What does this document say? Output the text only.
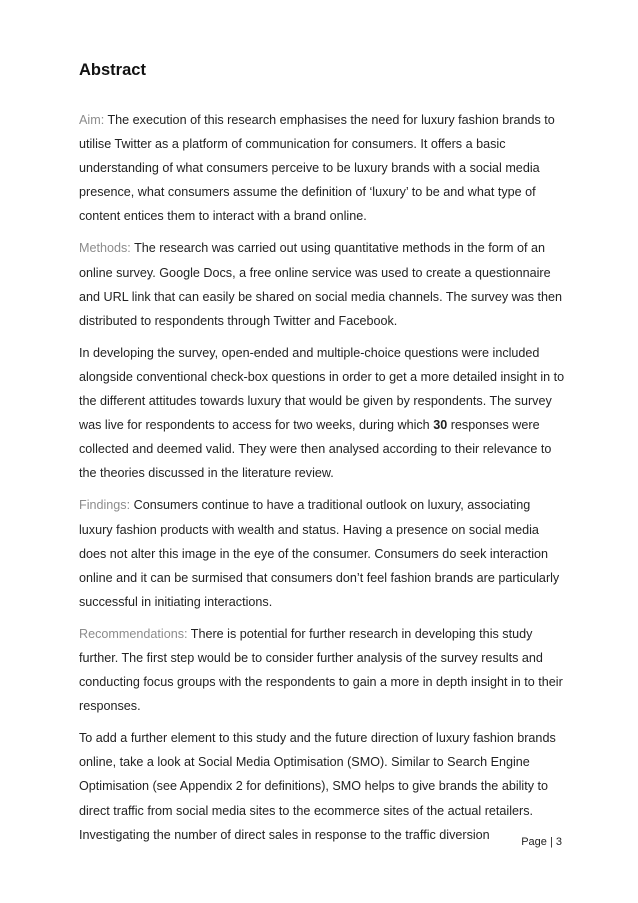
Abstract

Aim: The execution of this research emphasises the need for luxury fashion brands to utilise Twitter as a platform of communication for consumers. It offers a basic understanding of what consumers perceive to be luxury brands with a social media presence, what consumers assume the definition of ‘luxury’ to be and what type of content entices them to interact with a brand online.

Methods: The research was carried out using quantitative methods in the form of an online survey. Google Docs, a free online service was used to create a questionnaire and URL link that can easily be shared on social media channels. The survey was then distributed to respondents through Twitter and Facebook.

In developing the survey, open-ended and multiple-choice questions were included alongside conventional check-box questions in order to get a more detailed insight in to the different attitudes towards luxury that would be given by respondents. The survey was live for respondents to access for two weeks, during which 30 responses were collected and deemed valid. They were then analysed according to their relevance to the theories discussed in the literature review.

Findings: Consumers continue to have a traditional outlook on luxury, associating luxury fashion products with wealth and status. Having a presence on social media does not alter this image in the eye of the consumer. Consumers do seek interaction online and it can be surmised that consumers don’t feel fashion brands are particularly successful in initiating interactions.

Recommendations: There is potential for further research in developing this study further. The first step would be to consider further analysis of the survey results and conducting focus groups with the respondents to gain a more in depth insight in to their responses.

To add a further element to this study and the future direction of luxury fashion brands online, take a look at Social Media Optimisation (SMO). Similar to Search Engine Optimisation (see Appendix 2 for definitions), SMO helps to give brands the ability to direct traffic from social media sites to the ecommerce sites of the actual retailers. Investigating the number of direct sales in response to the traffic diversion

Page | 3
